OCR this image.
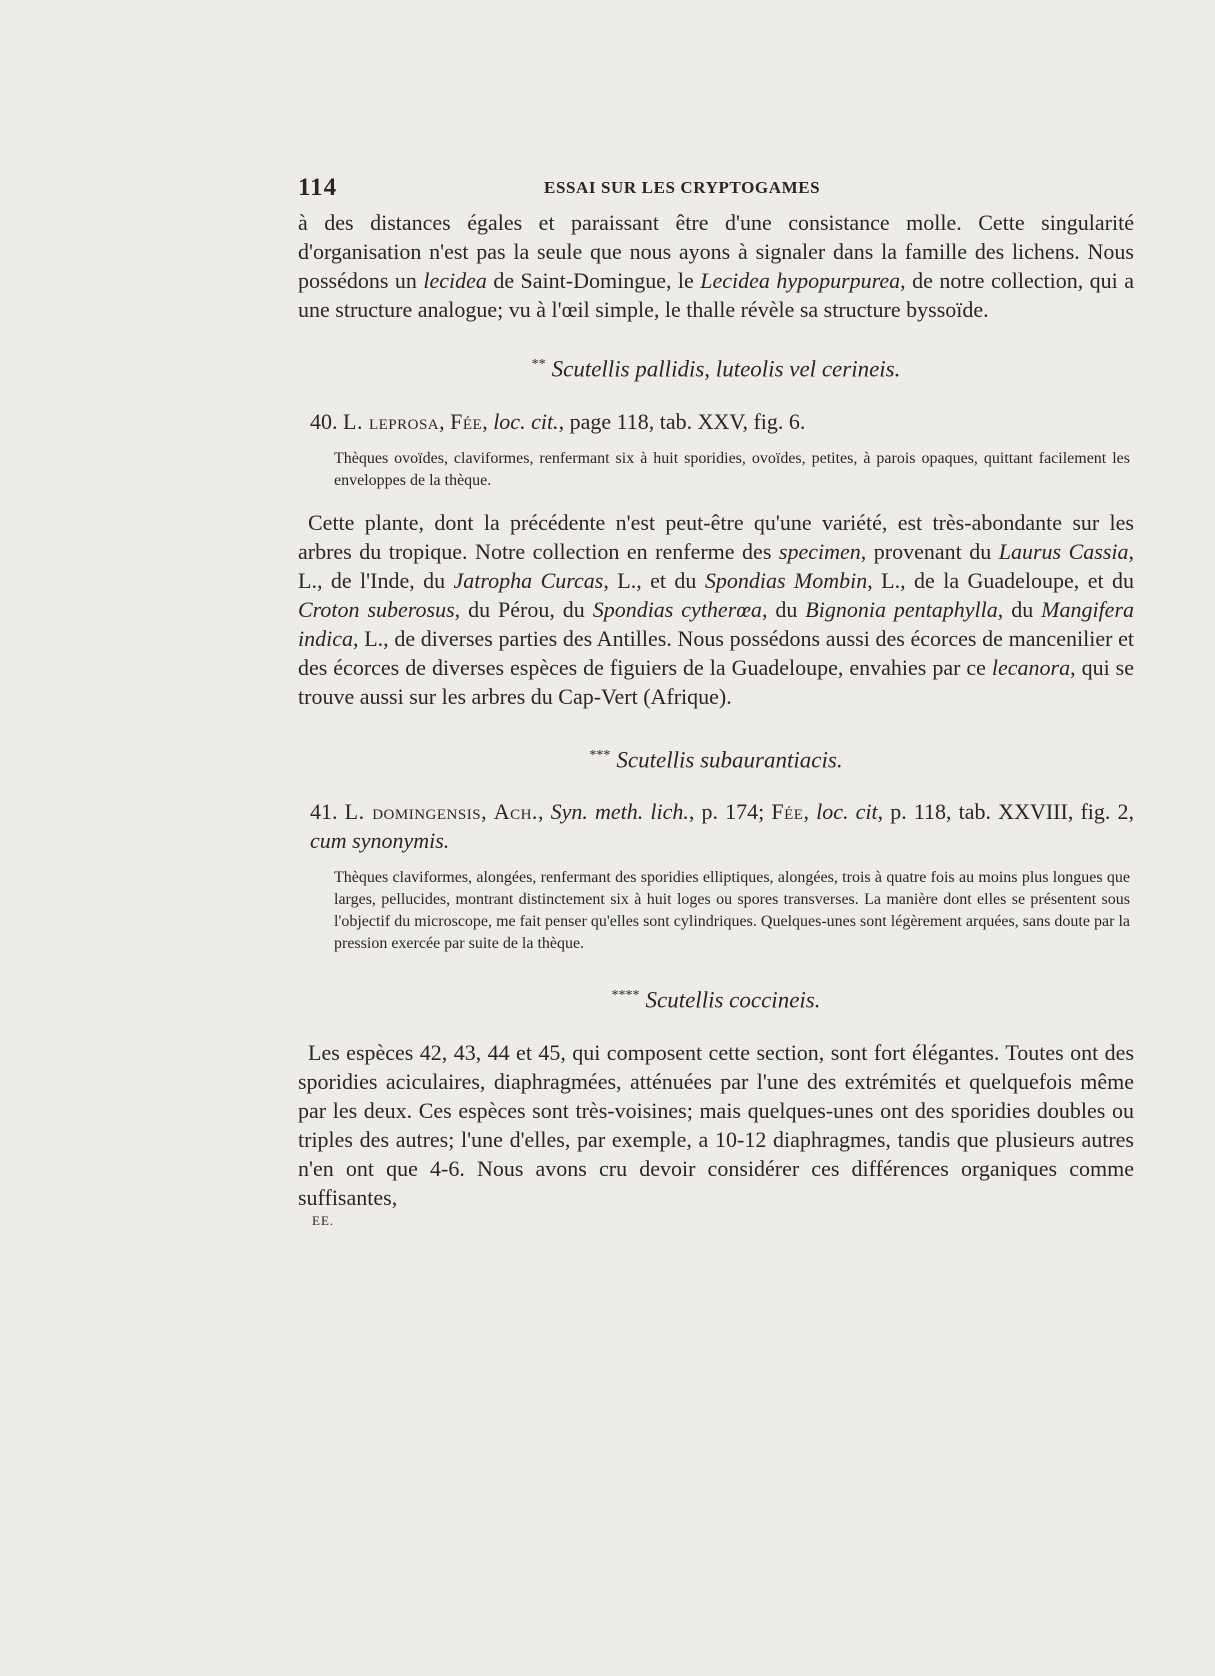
114	ESSAI SUR LES CRYPTOGAMES

à des distances égales et paraissant être d'une consistance molle. Cette singularité d'organisation n'est pas la seule que nous ayons à signaler dans la famille des lichens. Nous possédons un lecidea de Saint-Domingue, le Lecidea hypopurpurea, de notre collection, qui a une structure analogue; vu à l'œil simple, le thalle révèle sa structure byssoïde.

** Scutellis pallidis, luteolis vel cerineis.

40. L. leprosa, Fée, loc. cit., page 118, tab. XXV, fig. 6.

Thèques ovoïdes, claviformes, renfermant six à huit sporidies, ovoïdes, petites, à parois opaques, quittant facilement les enveloppes de la thèque.

Cette plante, dont la précédente n'est peut-être qu'une variété, est très-abondante sur les arbres du tropique. Notre collection en renferme des specimen, provenant du Laurus Cassia, L., de l'Inde, du Jatropha Curcas, L., et du Spondias Mombin, L., de la Guadeloupe, et du Croton suberosus, du Pérou, du Spondias cytherœa, du Bignonia pentaphylla, du Mangifera indica, L., de diverses parties des Antilles. Nous possédons aussi des écorces de mancenilier et des écorces de diverses espèces de figuiers de la Guadeloupe, envahies par ce lecanora, qui se trouve aussi sur les arbres du Cap-Vert (Afrique).

*** Scutellis subaurantiacis.

41. L. domingensis, Ach., Syn. meth. lich., p. 174; Fée, loc. cit, p. 118, tab. XXVIII, fig. 2, cum synonymis.

Thèques claviformes, alongées, renfermant des sporidies elliptiques, alongées, trois à quatre fois au moins plus longues que larges, pellucides, montrant distinctement six à huit loges ou spores transverses. La manière dont elles se présentent sous l'objectif du microscope, me fait penser qu'elles sont cylindriques. Quelques-unes sont légèrement arquées, sans doute par la pression exercée par suite de la thèque.

**** Scutellis coccineis.

Les espèces 42, 43, 44 et 45, qui composent cette section, sont fort élégantes. Toutes ont des sporidies aciculaires, diaphragmées, atténuées par l'une des extrémités et quelquefois même par les deux. Ces espèces sont très-voisines; mais quelques-unes ont des sporidies doubles ou triples des autres; l'une d'elles, par exemple, a 10-12 diaphragmes, tandis que plusieurs autres n'en ont que 4-6. Nous avons cru devoir considérer ces différences organiques comme suffisantes,

EE.
